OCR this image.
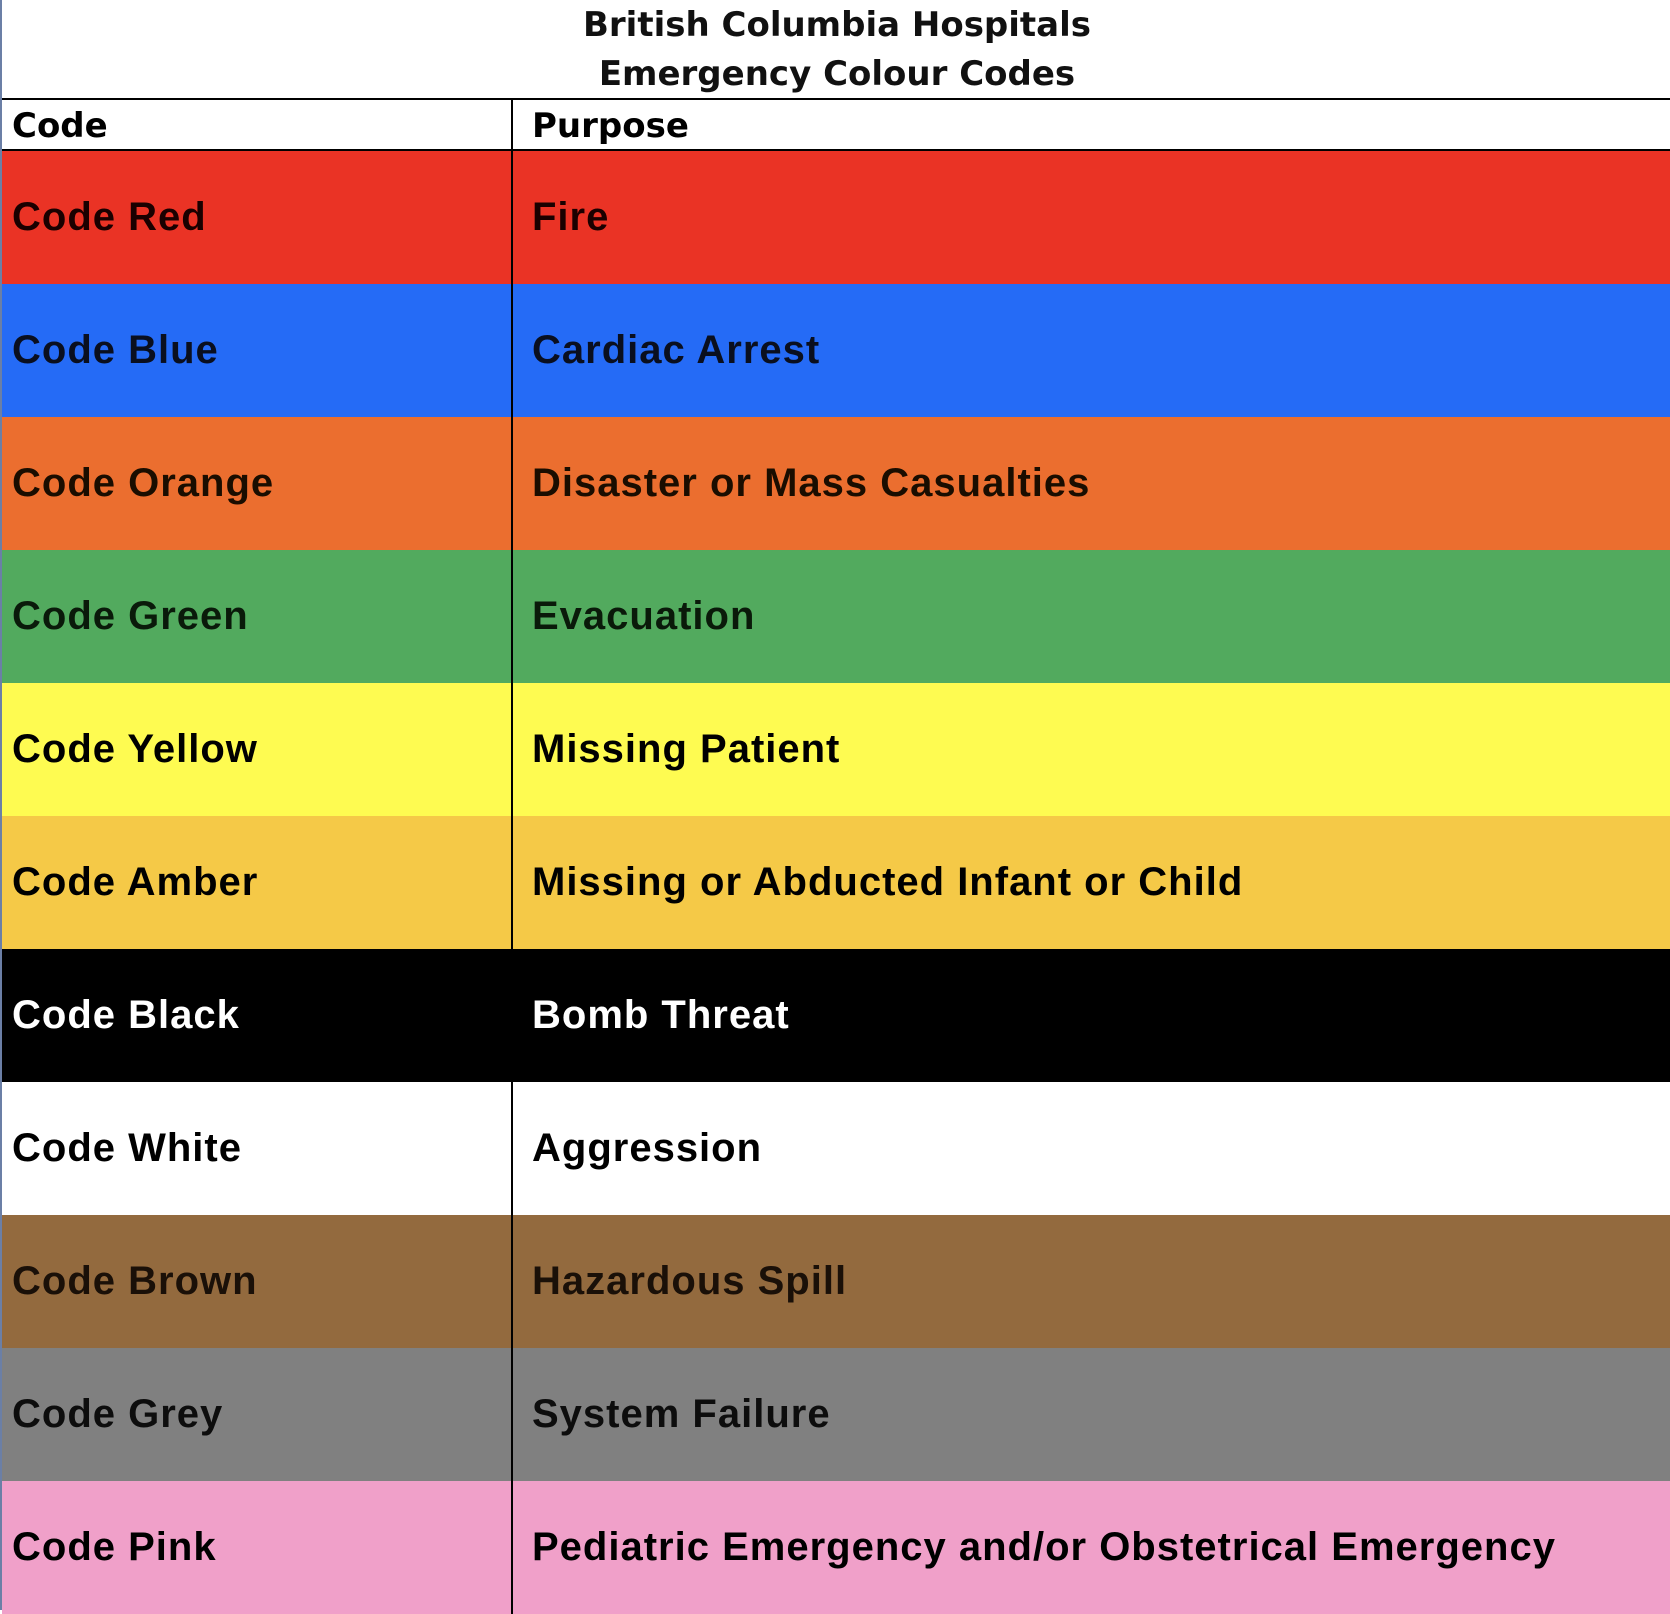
British Columbia Hospitals
Emergency Colour Codes
Code	Purpose
Code Red	Fire
Code Blue	Cardiac Arrest
Code Orange	Disaster or Mass Casualties
Code Green	Evacuation
Code Yellow	Missing Patient
Code Amber	Missing or Abducted Infant or Child
Code Black	Bomb Threat
Code White	Aggression
Code Brown	Hazardous Spill
Code Grey	System Failure
Code Pink	Pediatric Emergency and/or Obstetrical Emergency
